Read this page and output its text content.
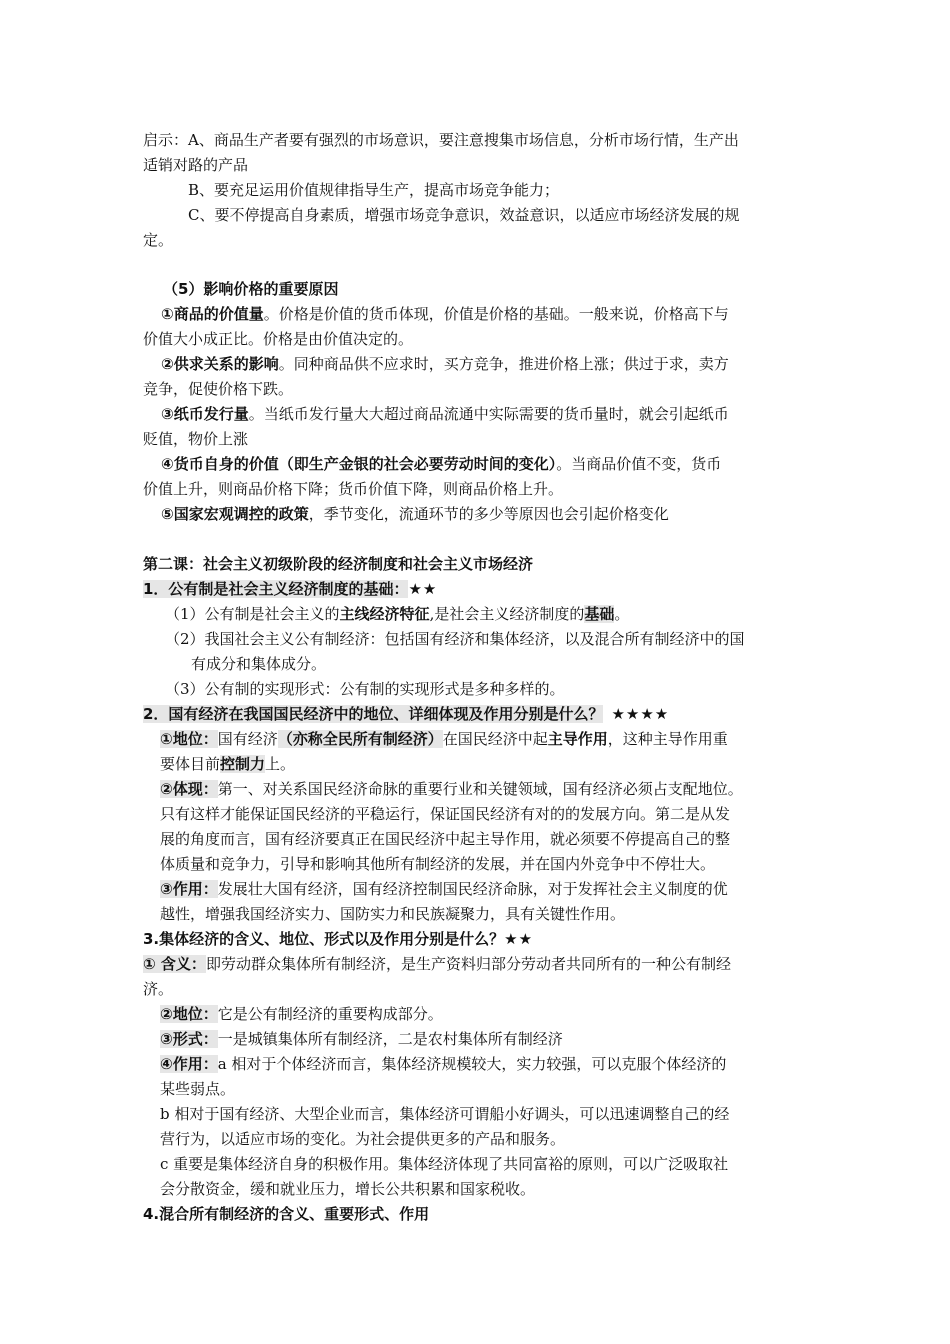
启示：A、商品生产者要有强烈的市场意识，要注意搜集市场信息，分析市场行情，生产出
适销对路的产品
B、要充足运用价值规律指导生产，提高市场竞争能力；
C、要不停提高自身素质，增强市场竞争意识，效益意识，以适应市场经济发展的规
定。
（5）影响价格的重要原因
①商品的价值量。价格是价值的货币体现，价值是价格的基础。一般来说，价格高下与
价值大小成正比。价格是由价值决定的。
②供求关系的影响。同种商品供不应求时，买方竞争，推进价格上涨；供过于求，卖方
竞争，促使价格下跌。
③纸币发行量。当纸币发行量大大超过商品流通中实际需要的货币量时，就会引起纸币
贬值，物价上涨
④货币自身的价值（即生产金银的社会必要劳动时间的变化）。当商品价值不变，货币
价值上升，则商品价格下降；货币价值下降，则商品价格上升。
⑤国家宏观调控的政策，季节变化，流通环节的多少等原因也会引起价格变化
第二课：社会主义初级阶段的经济制度和社会主义市场经济
1．公有制是社会主义经济制度的基础：★★
（1）公有制是社会主义的主线经济特征,是社会主义经济制度的基础。
（2）我国社会主义公有制经济：包括国有经济和集体经济，以及混合所有制经济中的国
有成分和集体成分。
（3）公有制的实现形式：公有制的实现形式是多种多样的。
2．国有经济在我国国民经济中的地位、详细体现及作用分别是什么？ ★★★★
①地位：国有经济（亦称全民所有制经济）在国民经济中起主导作用，这种主导作用重
要体目前控制力上。
②体现：第一、对关系国民经济命脉的重要行业和关键领域，国有经济必须占支配地位。
只有这样才能保证国民经济的平稳运行，保证国民经济有对的的发展方向。第二是从发
展的角度而言，国有经济要真正在国民经济中起主导作用，就必须要不停提高自己的整
体质量和竞争力，引导和影响其他所有制经济的发展，并在国内外竞争中不停壮大。
③作用：发展壮大国有经济，国有经济控制国民经济命脉，对于发挥社会主义制度的优
越性，增强我国经济实力、国防实力和民族凝聚力，具有关键性作用。
3.集体经济的含义、地位、形式以及作用分别是什么？★★
① 含义：即劳动群众集体所有制经济，是生产资料归部分劳动者共同所有的一种公有制经
济。
②地位：它是公有制经济的重要构成部分。
③形式：一是城镇集体所有制经济，二是农村集体所有制经济
④作用：a 相对于个体经济而言，集体经济规模较大，实力较强，可以克服个体经济的
某些弱点。
b 相对于国有经济、大型企业而言，集体经济可谓船小好调头，可以迅速调整自己的经
营行为，以适应市场的变化。为社会提供更多的产品和服务。
c 重要是集体经济自身的积极作用。集体经济体现了共同富裕的原则，可以广泛吸取社
会分散资金，缓和就业压力，增长公共积累和国家税收。
4.混合所有制经济的含义、重要形式、作用
